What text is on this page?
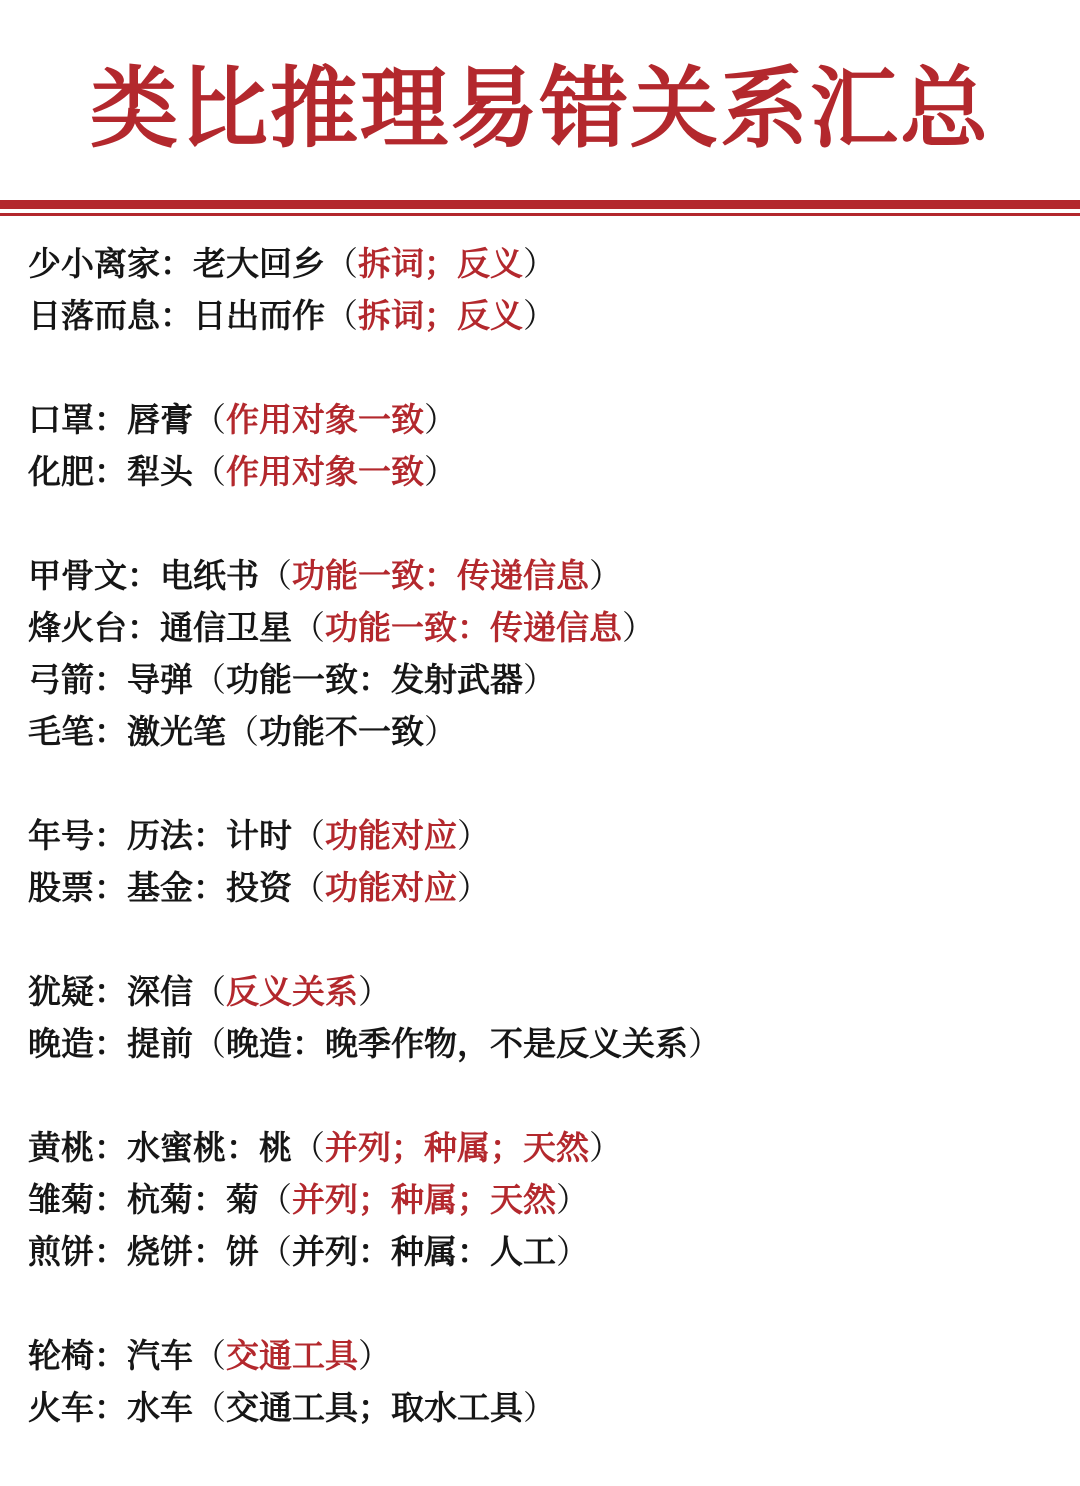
类比推理易错关系汇总
少小离家：老大回乡（拆词；反义）
日落而息：日出而作（拆词；反义）
口罩：唇膏（作用对象一致）
化肥：犁头（作用对象一致）
甲骨文：电纸书（功能一致：传递信息）
烽火台：通信卫星（功能一致：传递信息）
弓箭：导弹（功能一致：发射武器）
毛笔：激光笔（功能不一致）
年号：历法：计时（功能对应）
股票：基金：投资（功能对应）
犹疑：深信（反义关系）
晚造：提前（晚造：晚季作物，不是反义关系）
黄桃：水蜜桃：桃（并列；种属；天然）
雏菊：杭菊：菊（并列；种属；天然）
煎饼：烧饼：饼（并列：种属：人工）
轮椅：汽车（交通工具）
火车：水车（交通工具；取水工具）
